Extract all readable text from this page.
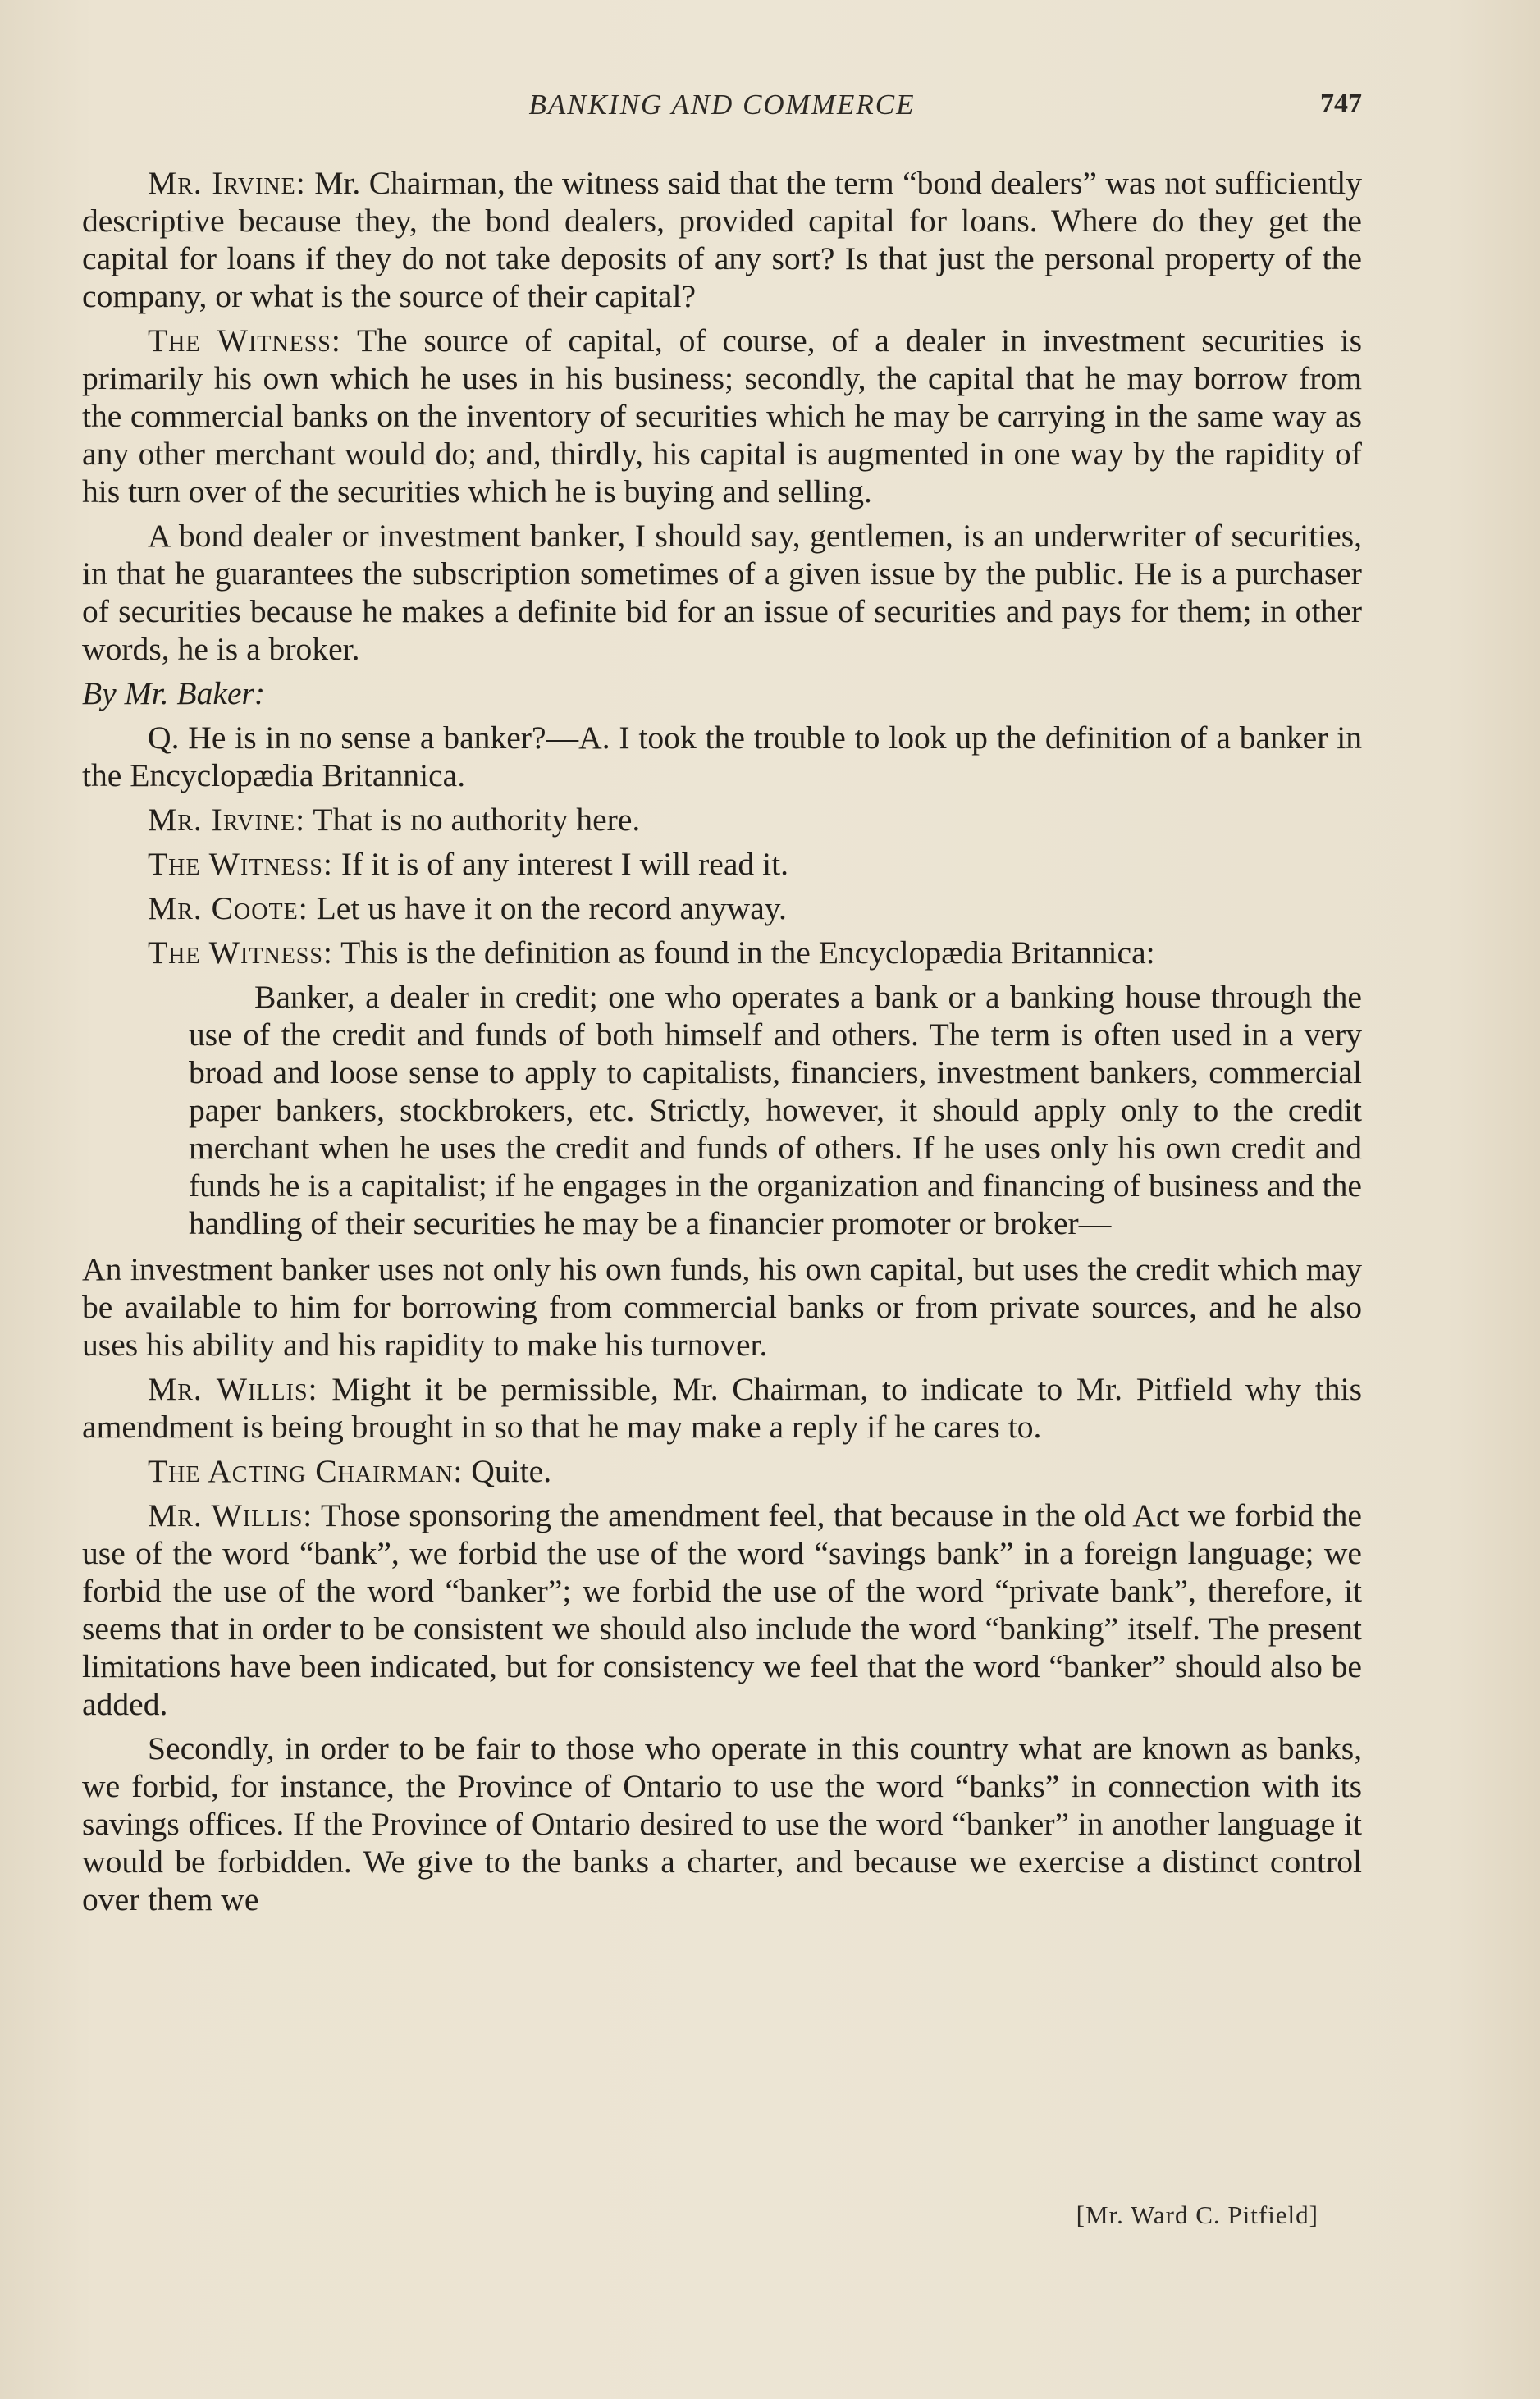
BANKING AND COMMERCE	747

Mr. Irvine: Mr. Chairman, the witness said that the term “bond dealers” was not sufficiently descriptive because they, the bond dealers, provided capital for loans. Where do they get the capital for loans if they do not take deposits of any sort? Is that just the personal property of the company, or what is the source of their capital?

The Witness: The source of capital, of course, of a dealer in investment securities is primarily his own which he uses in his business; secondly, the capital that he may borrow from the commercial banks on the inventory of securities which he may be carrying in the same way as any other merchant would do; and, thirdly, his capital is augmented in one way by the rapidity of his turn over of the securities which he is buying and selling.

A bond dealer or investment banker, I should say, gentlemen, is an underwriter of securities, in that he guarantees the subscription sometimes of a given issue by the public. He is a purchaser of securities because he makes a definite bid for an issue of securities and pays for them; in other words, he is a broker.

By Mr. Baker:

Q. He is in no sense a banker?—A. I took the trouble to look up the definition of a banker in the Encyclopædia Britannica.

Mr. Irvine: That is no authority here.

The Witness: If it is of any interest I will read it.

Mr. Coote: Let us have it on the record anyway.

The Witness: This is the definition as found in the Encyclopædia Britannica:

Banker, a dealer in credit; one who operates a bank or a banking house through the use of the credit and funds of both himself and others. The term is often used in a very broad and loose sense to apply to capitalists, financiers, investment bankers, commercial paper bankers, stockbrokers, etc. Strictly, however, it should apply only to the credit merchant when he uses the credit and funds of others. If he uses only his own credit and funds he is a capitalist; if he engages in the organization and financing of business and the handling of their securities he may be a financier promoter or broker—

An investment banker uses not only his own funds, his own capital, but uses the credit which may be available to him for borrowing from commercial banks or from private sources, and he also uses his ability and his rapidity to make his turnover.

Mr. Willis: Might it be permissible, Mr. Chairman, to indicate to Mr. Pitfield why this amendment is being brought in so that he may make a reply if he cares to.

The Acting Chairman: Quite.

Mr. Willis: Those sponsoring the amendment feel, that because in the old Act we forbid the use of the word “bank”, we forbid the use of the word “savings bank” in a foreign language; we forbid the use of the word “banker”; we forbid the use of the word “private bank”, therefore, it seems that in order to be consistent we should also include the word “banking” itself. The present limitations have been indicated, but for consistency we feel that the word “banker” should also be added.

Secondly, in order to be fair to those who operate in this country what are known as banks, we forbid, for instance, the Province of Ontario to use the word “banks” in connection with its savings offices. If the Province of Ontario desired to use the word “banker” in another language it would be forbidden. We give to the banks a charter, and because we exercise a distinct control over them we

[Mr. Ward C. Pitfield]
